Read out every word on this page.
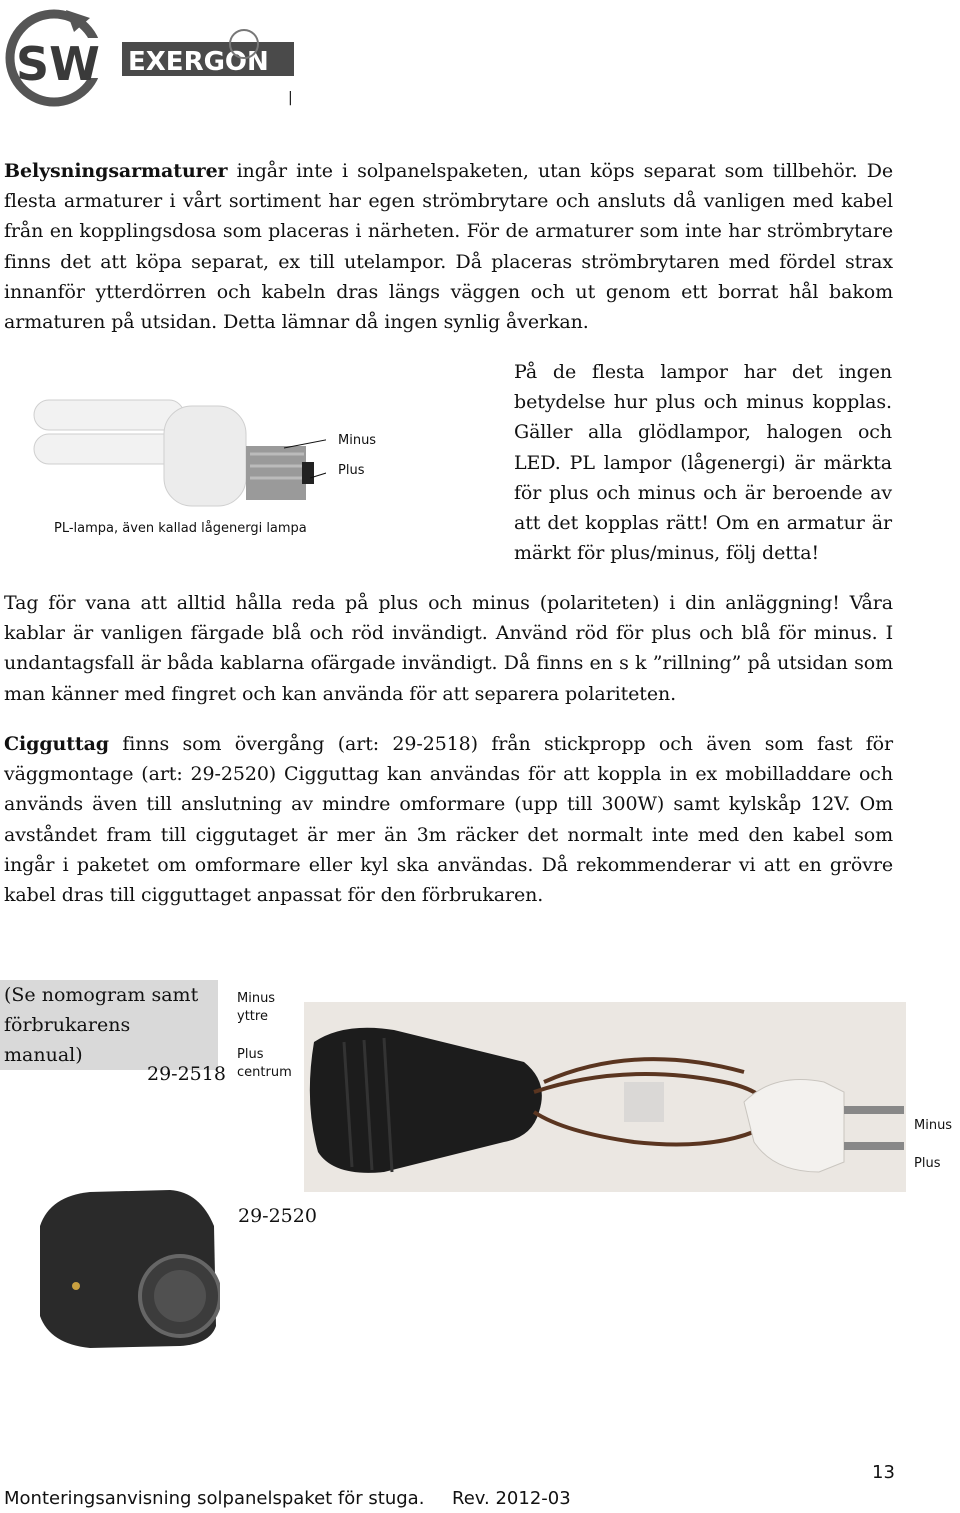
SW EXERGON
|
Belysningsarmaturer ingår inte i solpanelspaketen, utan köps separat som tillbehör. De flesta armaturer i vårt sortiment har egen strömbrytare och ansluts då vanligen med kabel från en kopplingsdosa som placeras i närheten. För de armaturer som inte har strömbrytare finns det att köpa separat, ex till utelampor. Då placeras strömbrytaren med fördel strax innanför ytterdörren och kabeln dras längs väggen och ut genom ett borrat hål bakom armaturen på utsidan. Detta lämnar då ingen synlig åverkan.
Minus
Plus
PL-lampa, även kallad lågenergi lampa
På de flesta lampor har det ingen betydelse hur plus och minus kopplas. Gäller alla glödlampor, halogen och LED. PL lampor (lågenergi) är märkta för plus och minus och är beroende av att det kopplas rätt! Om en armatur är märkt för plus/minus, följ detta!
Tag för vana att alltid hålla reda på plus och minus (polariteten) i din anläggning! Våra kablar är vanligen färgade blå och röd invändigt. Använd röd för plus och blå för minus. I undantagsfall är båda kablarna ofärgade invändigt. Då finns en s k ”rillning” på utsidan som man känner med fingret och kan använda för att separera polariteten.
Cigguttag finns som övergång (art: 29-2518) från stickpropp och även som fast för väggmontage (art: 29-2520) Cigguttag kan användas för att koppla in ex mobilladdare och används även till anslutning av mindre omformare (upp till 300W) samt kylskåp 12V. Om avståndet fram till ciggutaget är mer än 3m räcker det normalt inte med den kabel som ingår i paketet om omformare eller kyl ska användas. Då rekommenderar vi att en grövre kabel dras till cigguttaget anpassat för den förbrukaren.
(Se nomogram samt
förbrukarens manual)
Minus
yttre
Plus
centrum
29-2518
Minus
Plus
29-2520
13
Monteringsanvisning solpanelspaket för stuga. Rev. 2012-03
